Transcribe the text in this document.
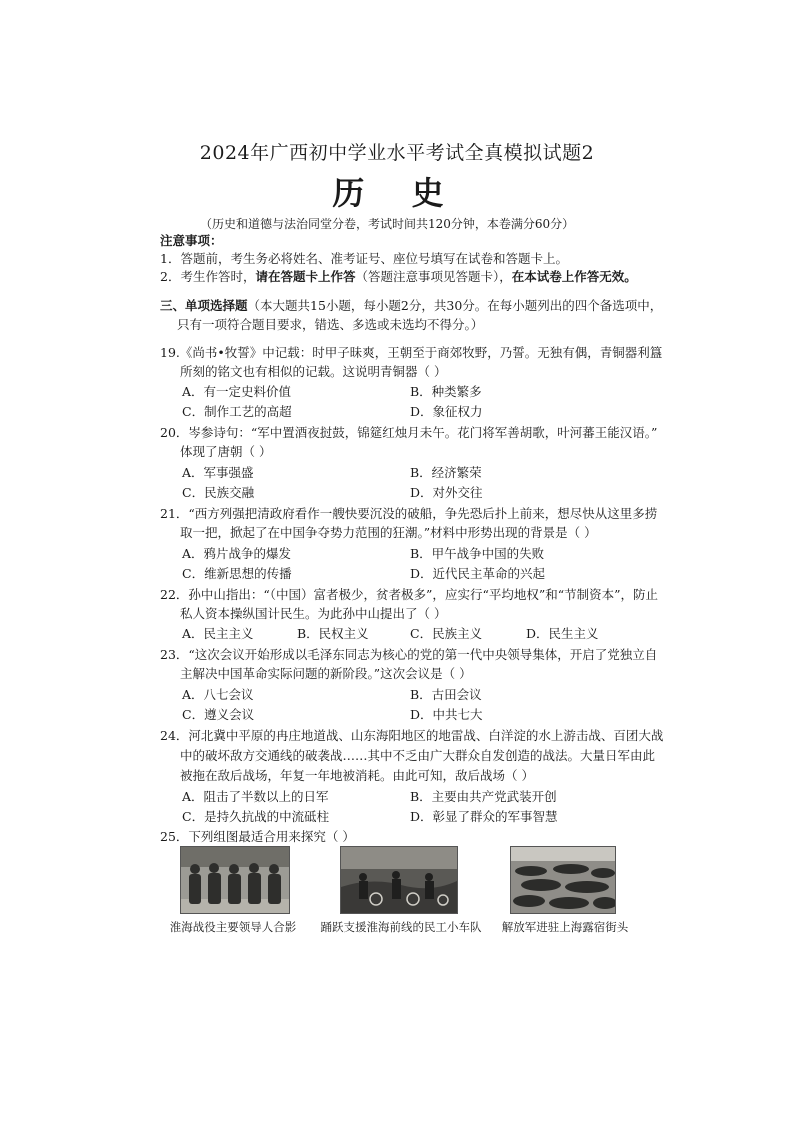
2024年广西初中学业水平考试全真模拟试题2
历 史
（历史和道德与法治同堂分卷，考试时间共120分钟，本卷满分60分）
注意事项：
1．答题前，考生务必将姓名、准考证号、座位号填写在试卷和答题卡上。
2．考生作答时，请在答题卡上作答（答题注意事项见答题卡），在本试卷上作答无效。
三、单项选择题（本大题共15小题，每小题2分，共30分。在每小题列出的四个备选项中，
只有一项符合题目要求，错选、多选或未选均不得分。）
19.《尚书•牧誓》中记载：时甲子昧爽，王朝至于商郊牧野，乃誓。无独有偶，青铜器利簋
所刻的铭文也有相似的记载。这说明青铜器（ ）
A．有一定史料价值	B．种类繁多
C．制作工艺的高超	D．象征权力
20．岑参诗句：“军中置酒夜挝鼓，锦筵红烛月未午。花门将军善胡歌，叶河蕃王能汉语。”
体现了唐朝（ ）
A．军事强盛	B．经济繁荣
C．民族交融	D．对外交往
21．“西方列强把清政府看作一艘快要沉没的破船，争先恐后扑上前来，想尽快从这里多捞
取一把，掀起了在中国争夺势力范围的狂潮。”材料中形势出现的背景是（ ）
A．鸦片战争的爆发	B．甲午战争中国的失败
C．维新思想的传播	D．近代民主革命的兴起
22．孙中山指出：“（中国）富者极少，贫者极多”，应实行“平均地权”和“节制资本”，防止
私人资本操纵国计民生。为此孙中山提出了（ ）
A．民主主义	B．民权主义	C．民族主义	D．民生主义
23．“这次会议开始形成以毛泽东同志为核心的党的第一代中央领导集体，开启了党独立自
主解决中国革命实际问题的新阶段。”这次会议是（ ）
A．八七会议	B．古田会议
C．遵义会议	D．中共七大
24．河北冀中平原的冉庄地道战、山东海阳地区的地雷战、白洋淀的水上游击战、百团大战
中的破坏敌方交通线的破袭战……其中不乏由广大群众自发创造的战法。大量日军由此
被拖在敌后战场，年复一年地被消耗。由此可知，敌后战场（ ）
A．阻击了半数以上的日军	B．主要由共产党武装开创
C．是持久抗战的中流砥柱	D．彰显了群众的军事智慧
25．下列组图最适合用来探究（ ）
淮海战役主要领导人合影	踊跃支援淮海前线的民工小车队	解放军进驻上海露宿街头
